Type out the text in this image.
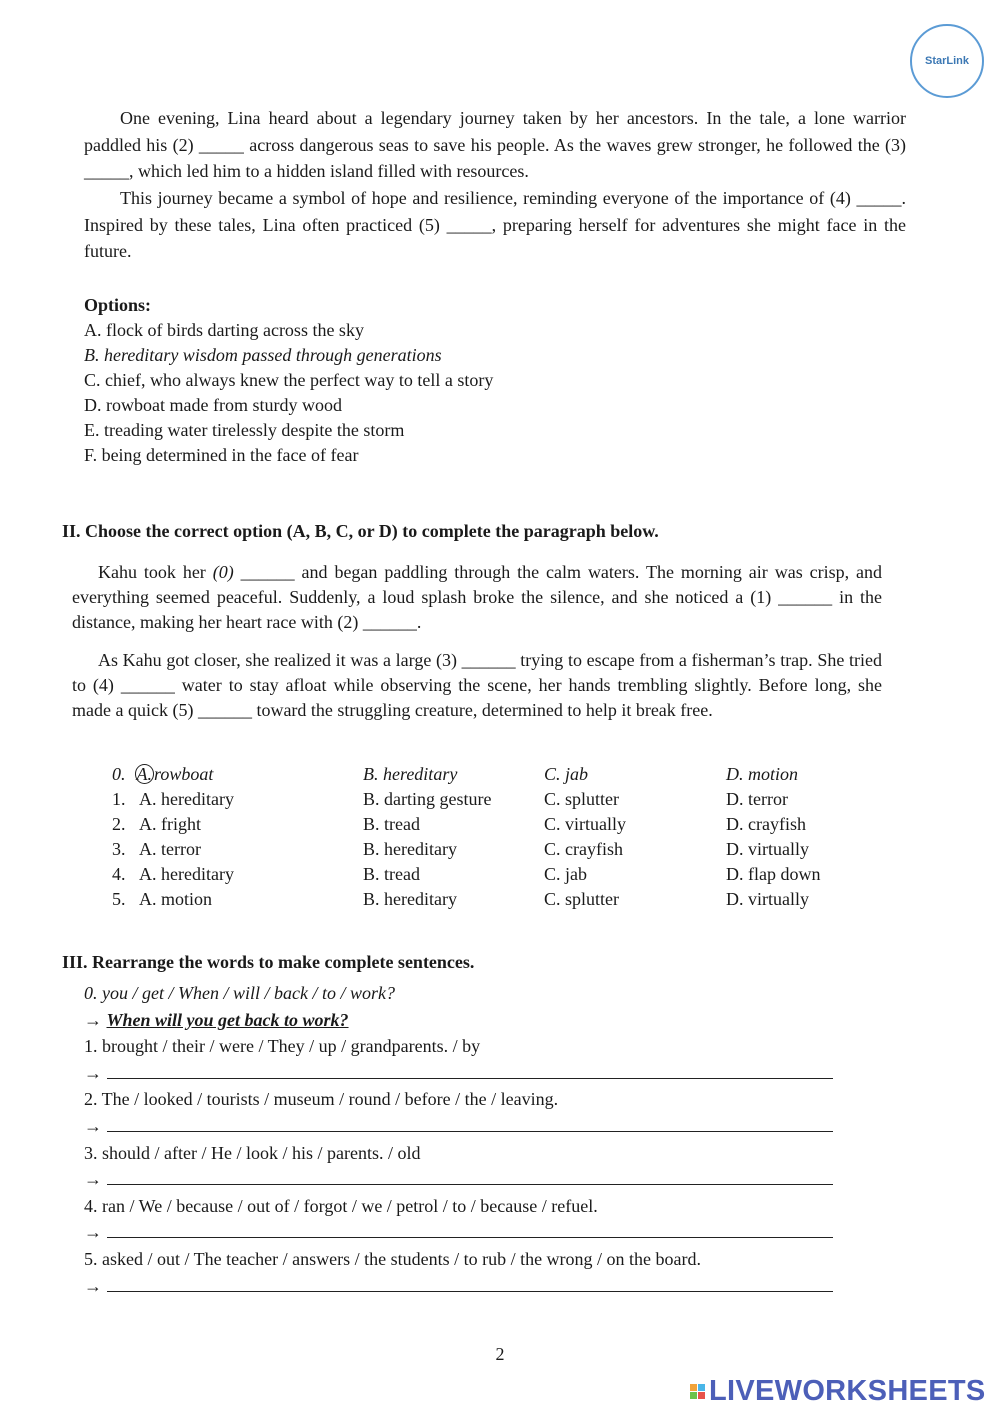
StarLink

One evening, Lina heard about a legendary journey taken by her ancestors. In the tale, a lone warrior paddled his (2) _____ across dangerous seas to save his people. As the waves grew stronger, he followed the (3) _____, which led him to a hidden island filled with resources.

This journey became a symbol of hope and resilience, reminding everyone of the importance of (4) _____. Inspired by these tales, Lina often practiced (5) _____, preparing herself for adventures she might face in the future.

Options:
A. flock of birds darting across the sky
B. hereditary wisdom passed through generations
C. chief, who always knew the perfect way to tell a story
D. rowboat made from sturdy wood
E. treading water tirelessly despite the storm
F. being determined in the face of fear
II. Choose the correct option (A, B, C, or D) to complete the paragraph below.

Kahu took her (0) ______ and began paddling through the calm waters. The morning air was crisp, and everything seemed peaceful. Suddenly, a loud splash broke the silence, and she noticed a (1) ______ in the distance, making her heart race with (2) ______.

As Kahu got closer, she realized it was a large (3) ______ trying to escape from a fisherman’s trap. She tried to (4) ______ water to stay afloat while observing the scene, her hands trembling slightly. Before long, she made a quick (5) ______ toward the struggling creature, determined to help it break free.

0. A. rowboat	B. hereditary	C. jab	D. motion
1. A. hereditary	B. darting gesture	C. splutter	D. terror
2. A. fright	B. tread	C. virtually	D. crayfish
3. A. terror	B. hereditary	C. crayfish	D. virtually
4. A. hereditary	B. tread	C. jab	D. flap down
5. A. motion	B. hereditary	C. splutter	D. virtually
III. Rearrange the words to make complete sentences.
0. you / get / When / will / back / to / work?
→ When will you get back to work?
1. brought / their / were / They / up / grandparents. / by
→
2. The / looked / tourists / museum / round / before / the / leaving.
→
3. should / after / He / look / his / parents. / old
→
4. ran / We / because / out of / forgot / we / petrol / to / because / refuel.
→
5. asked / out / The teacher / answers / the students / to rub / the wrong / on the board.
→
2
LIVEWORKSHEETS
